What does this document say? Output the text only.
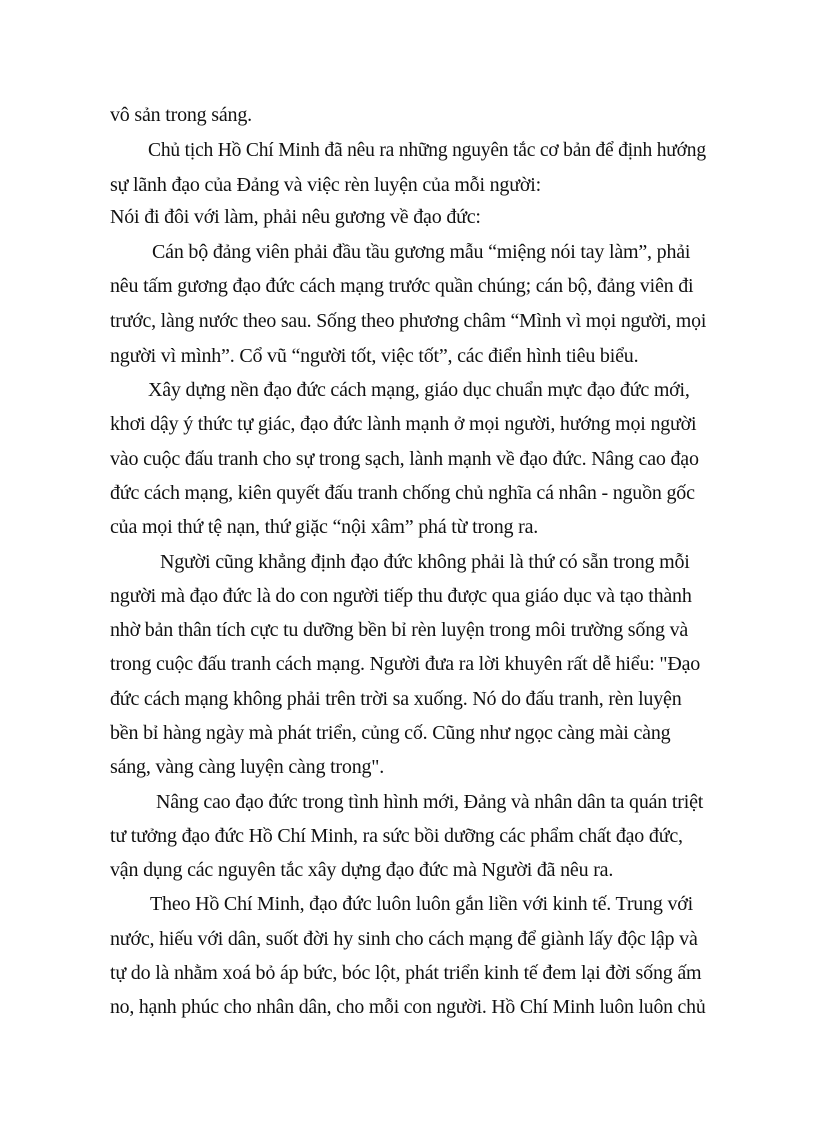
vô sản trong sáng.
Chủ tịch Hồ Chí Minh đã nêu ra những nguyên tắc cơ bản để định hướng
sự lãnh đạo của Đảng và việc rèn luyện của mỗi người:
Nói đi đôi với làm, phải nêu gương về đạo đức:
Cán bộ đảng viên phải đầu tầu gương mẫu “miệng nói tay làm”, phải
nêu tấm gương đạo đức cách mạng trước quần chúng; cán bộ, đảng viên đi
trước, làng nước theo sau. Sống theo phương châm “Mình vì mọi người, mọi
người vì mình”. Cổ vũ “người tốt, việc tốt”, các điển hình tiêu biểu.
Xây dựng nền đạo đức cách mạng, giáo dục chuẩn mực đạo đức mới,
khơi dậy ý thức tự giác, đạo đức lành mạnh ở mọi người, hướng mọi người
vào cuộc đấu tranh cho sự trong sạch, lành mạnh về đạo đức. Nâng cao đạo
đức cách mạng, kiên quyết đấu tranh chống chủ nghĩa cá nhân - nguồn gốc
của mọi thứ tệ nạn, thứ giặc “nội xâm” phá từ trong ra.
Người cũng khẳng định đạo đức không phải là thứ có sẵn trong mỗi
người mà đạo đức là do con người tiếp thu được qua giáo dục và tạo thành
nhờ bản thân tích cực tu dưỡng bền bỉ rèn luyện trong môi trường sống và
trong cuộc đấu tranh cách mạng. Người đưa ra lời khuyên rất dễ hiểu: "Đạo
đức cách mạng không phải trên trời sa xuống. Nó do đấu tranh, rèn luyện
bền bỉ hàng ngày mà phát triển, củng cố. Cũng như ngọc càng mài càng
sáng, vàng càng luyện càng trong".
Nâng cao đạo đức trong tình hình mới, Đảng và nhân dân ta quán triệt
tư tưởng đạo đức Hồ Chí Minh, ra sức bồi dưỡng các phẩm chất đạo đức,
vận dụng các nguyên tắc xây dựng đạo đức mà Người đã nêu ra.
Theo Hồ Chí Minh, đạo đức luôn luôn gắn liền với kinh tế. Trung với
nước, hiếu với dân, suốt đời hy sinh cho cách mạng để giành lấy độc lập và
tự do là nhằm xoá bỏ áp bức, bóc lột, phát triển kinh tế đem lại đời sống ấm
no, hạnh phúc cho nhân dân, cho mỗi con người. Hồ Chí Minh luôn luôn chủ
